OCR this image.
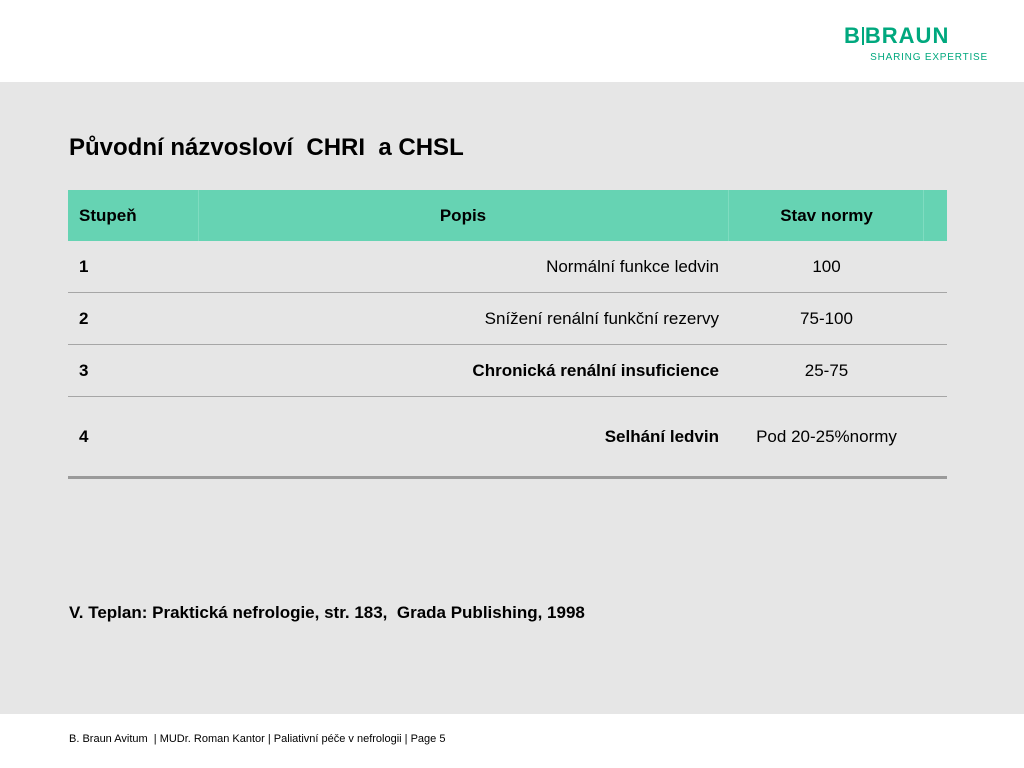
B BRAUN
SHARING EXPERTISE
Původní názvosloví  CHRI  a CHSL
Stupeň	Popis	Stav normy
1	Normální funkce ledvin	100
2	Snížení renální funkční rezervy	75-100
3	Chronická renální insuficience	25-75
4	Selhání ledvin	Pod 20-25%normy
V. Teplan: Praktická nefrologie, str. 183,  Grada Publishing, 1998
B. Braun Avitum  | MUDr. Roman Kantor | Paliativní péče v nefrologii | Page 5
